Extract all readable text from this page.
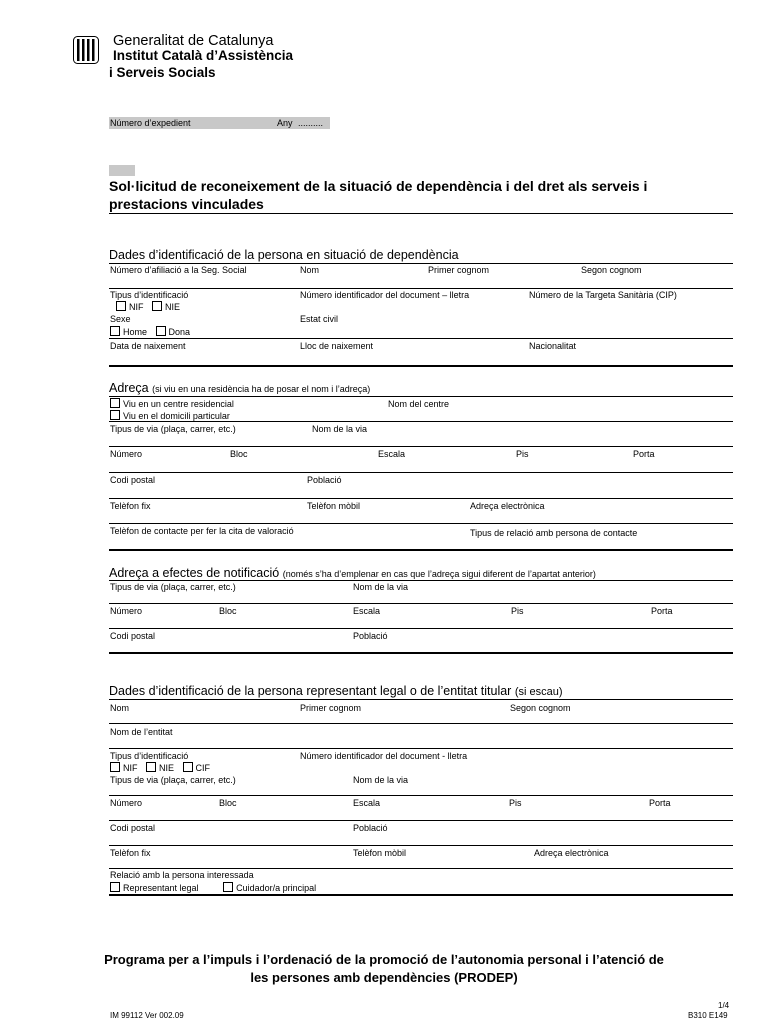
Generalitat de Catalunya
Institut Català d’Assistència
i Serveis Socials
Número d’expedient	Any ..........
Sol·licitud de reconeixement de la situació de dependència i del dret als serveis i
prestacions vinculades
Dades d’identificació de la persona en situació de dependència
Número d’afiliació a la Seg. Social	Nom	Primer cognom	Segon cognom
Tipus d’identificació	Número identificador del document – lletra	Número de la Targeta Sanitària (CIP)
NIF NIE
Sexe	Estat civil
Home Dona
Data de naixement	Lloc de naixement	Nacionalitat
Adreça (si viu en una residència ha de posar el nom i l’adreça)
Viu en un centre residencial	Nom del centre
Viu en el domicili particular
Tipus de via (plaça, carrer, etc.)	Nom de la via
Número	Bloc	Escala	Pis	Porta
Codi postal	Població
Telèfon fix	Telèfon mòbil	Adreça electrònica
Telèfon de contacte per fer la cita de valoració	Tipus de relació amb persona de contacte
Adreça a efectes de notificació (només s’ha d’emplenar en cas que l’adreça sigui diferent de l’apartat anterior)
Tipus de via (plaça, carrer, etc.)	Nom de la via
Número	Bloc	Escala	Pis	Porta
Codi postal	Població
Dades d’identificació de la persona representant legal o de l’entitat titular (si escau)
Nom	Primer cognom	Segon cognom
Nom de l’entitat
Tipus d’identificació	Número identificador del document - lletra
NIF NIE CIF
Tipus de via (plaça, carrer, etc.)	Nom de la via
Número	Bloc	Escala	Pis	Porta
Codi postal	Població
Telèfon fix	Telèfon mòbil	Adreça electrònica
Relació amb la persona interessada
Representant legal	Cuidador/a principal
Programa per a l’impuls i l’ordenació de la promoció de l’autonomia personal i l’atenció de
les persones amb dependències (PRODEP)
IM 99112 Ver 002.09
1/4
B310 E149
